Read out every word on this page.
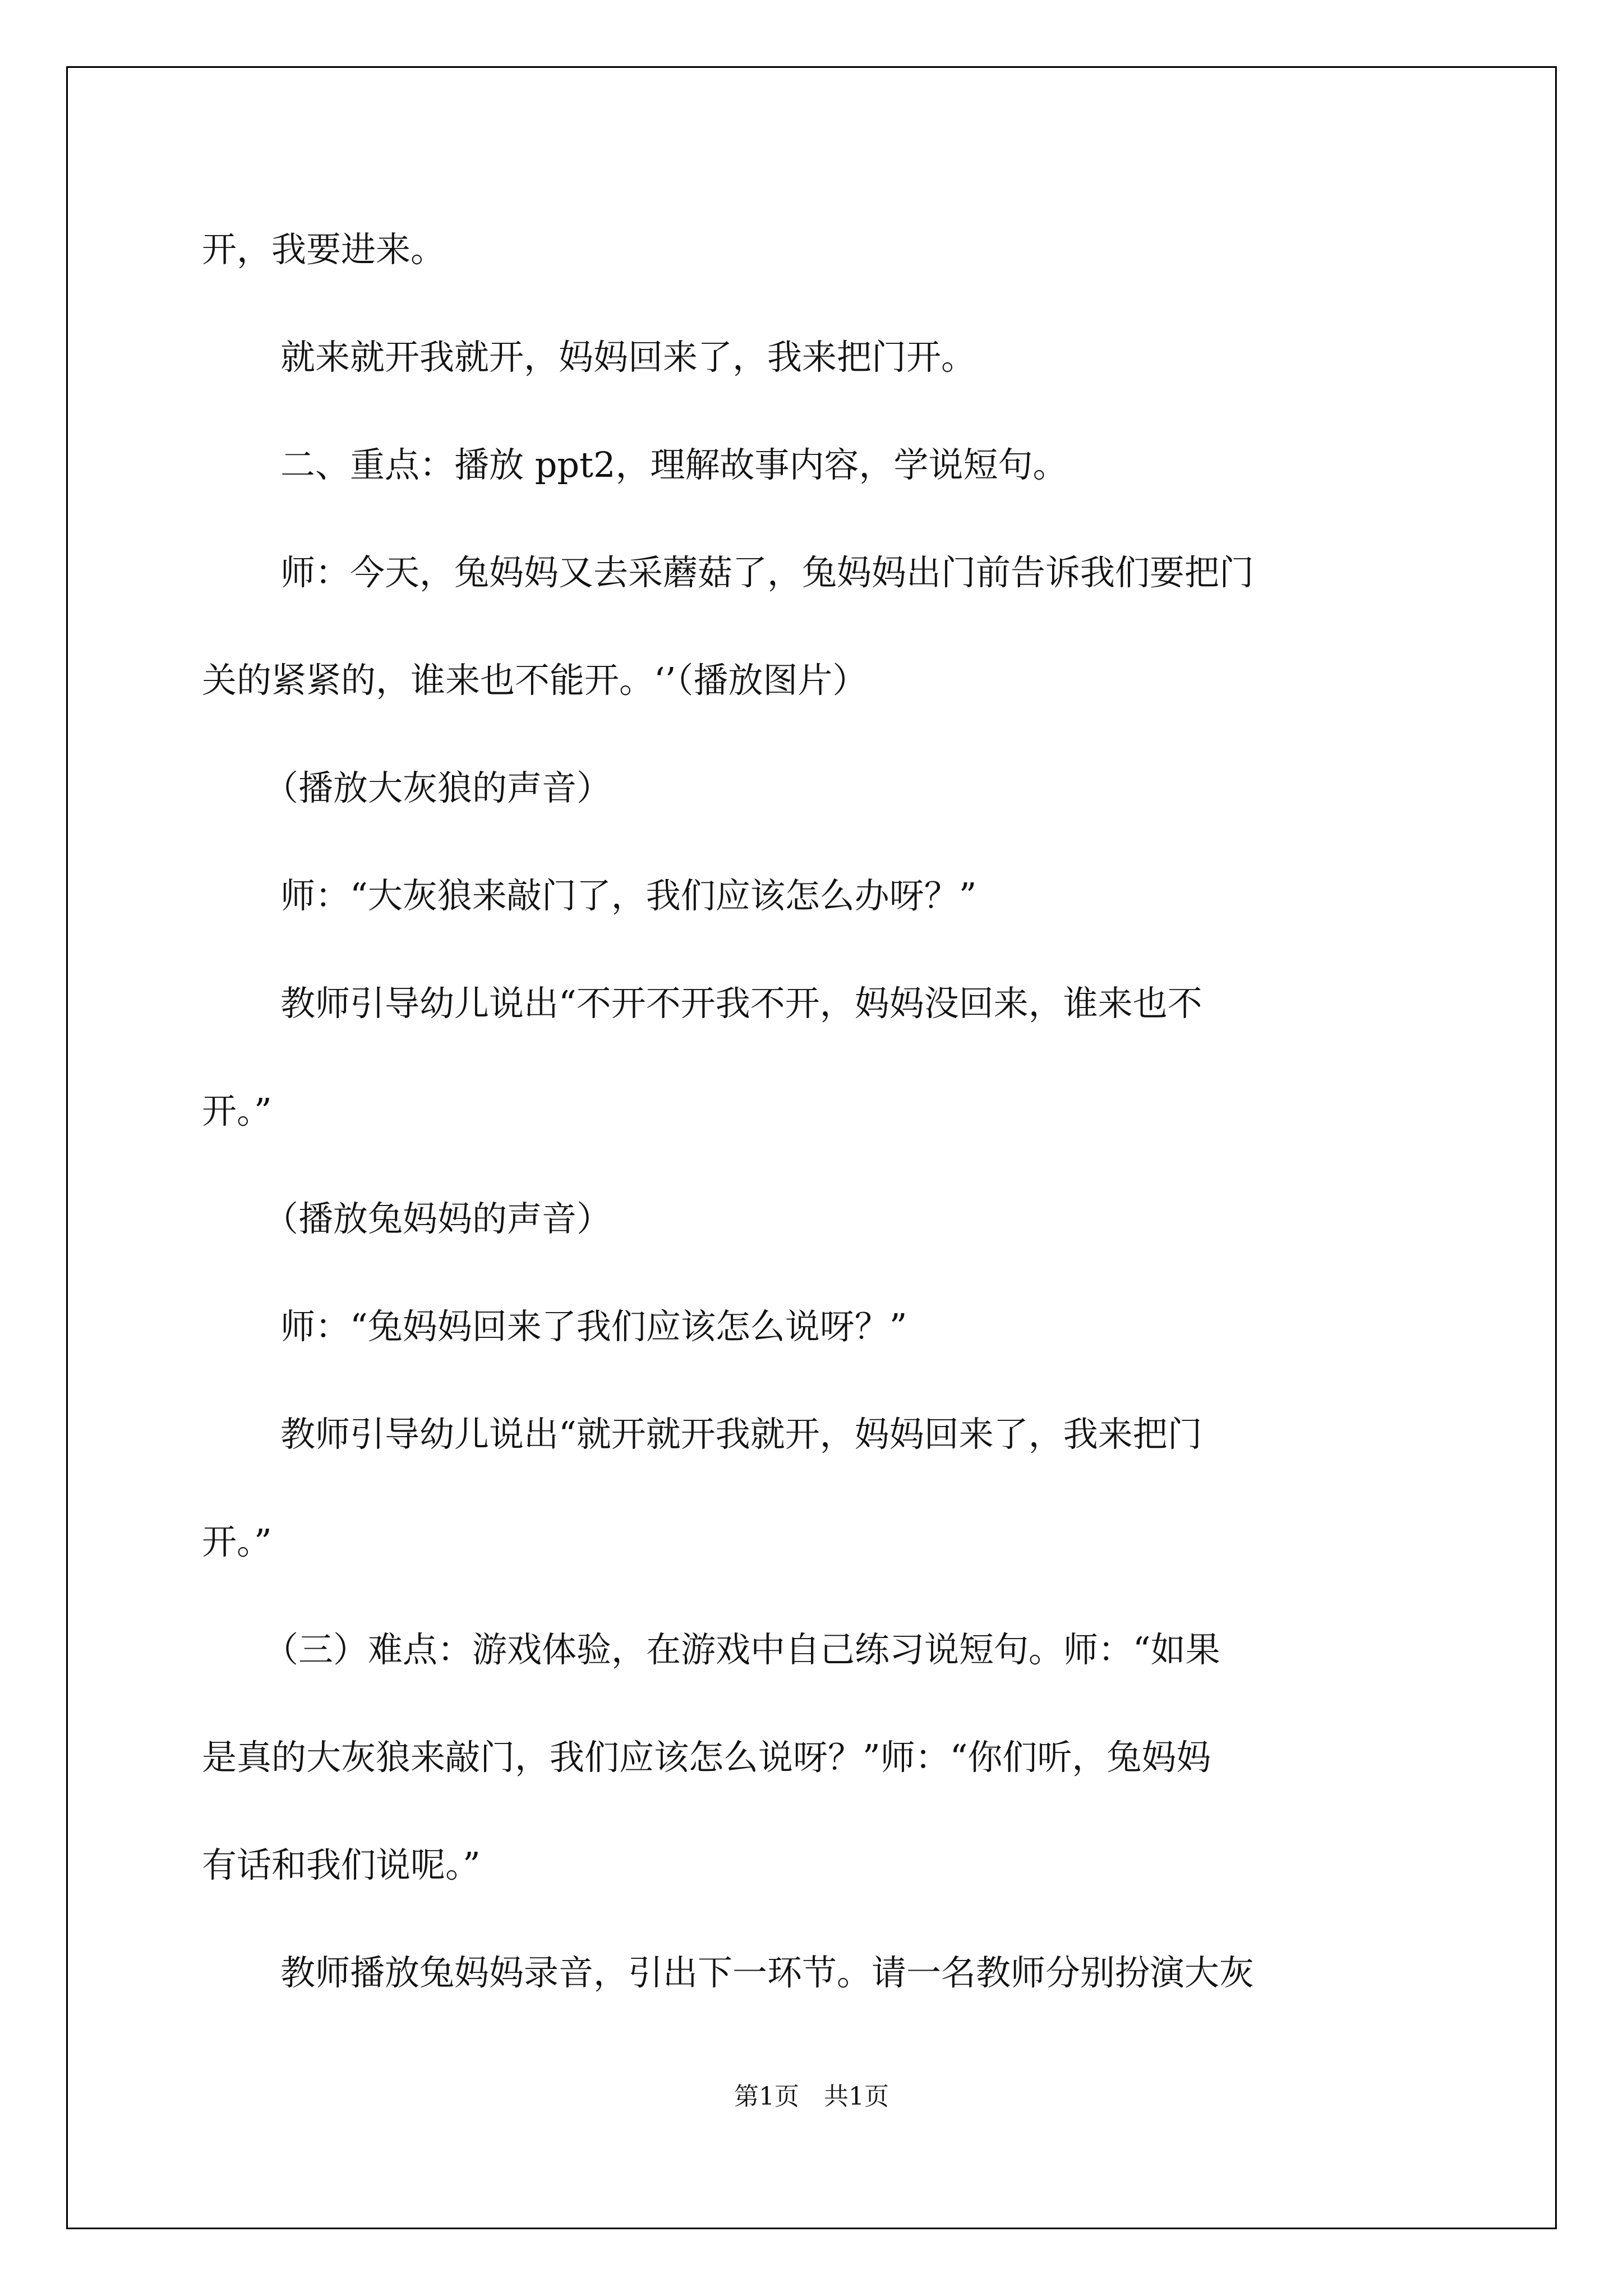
开，我要进来。

就来就开我就开，妈妈回来了，我来把门开。

二、重点：播放 ppt2，理解故事内容，学说短句。

师：今天，兔妈妈又去采蘑菇了，兔妈妈出门前告诉我们要把门

关的紧紧的，谁来也不能开。‘’（播放图片）

（播放大灰狼的声音）

师：“大灰狼来敲门了，我们应该怎么办呀？”

教师引导幼儿说出“不开不开我不开，妈妈没回来，谁来也不

开。”

（播放兔妈妈的声音）

师：“兔妈妈回来了我们应该怎么说呀？”

教师引导幼儿说出“就开就开我就开，妈妈回来了，我来把门

开。”

（三）难点：游戏体验，在游戏中自己练习说短句。师：“如果

是真的大灰狼来敲门，我们应该怎么说呀？”师：“你们听，兔妈妈

有话和我们说呢。”

教师播放兔妈妈录音，引出下一环节。请一名教师分别扮演大灰

第1页　共1页
